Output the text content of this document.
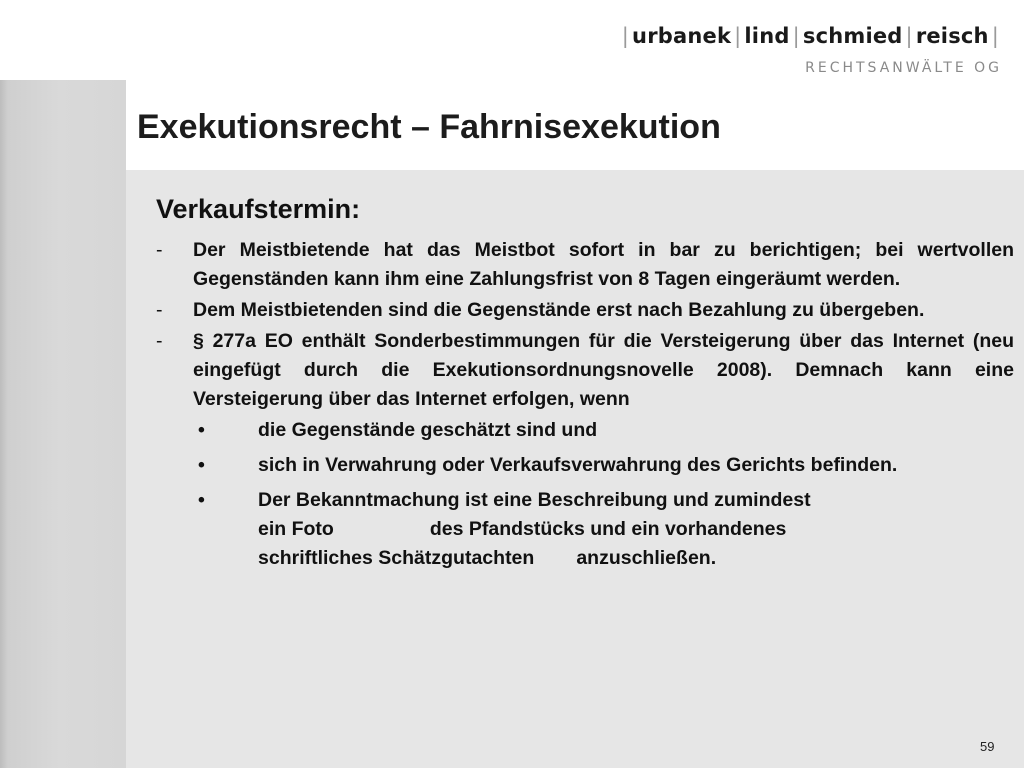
| urbanek | lind | schmied | reisch |
RECHTSANWÄLTE OG
Exekutionsrecht – Fahrnisexekution
Verkaufstermin:
- Der Meistbietende hat das Meistbot sofort in bar zu berichtigen; bei wertvollen Gegenständen kann ihm eine Zahlungsfrist von 8 Tagen eingeräumt werden.
- Dem Meistbietenden sind die Gegenstände erst nach Bezahlung zu übergeben.
- § 277a EO enthält Sonderbestimmungen für die Versteigerung über das Internet (neu eingefügt durch die Exekutionsordnungsnovelle 2008). Demnach kann eine Versteigerung über das Internet erfolgen, wenn
•	die Gegenstände geschätzt sind und
•	sich in Verwahrung oder Verkaufsverwahrung des Gerichts befinden.
•	Der Bekanntmachung ist eine Beschreibung und zumindest
ein Foto	des Pfandstücks und ein vorhandenes
schriftliches Schätzgutachten anzuschließen.
59
